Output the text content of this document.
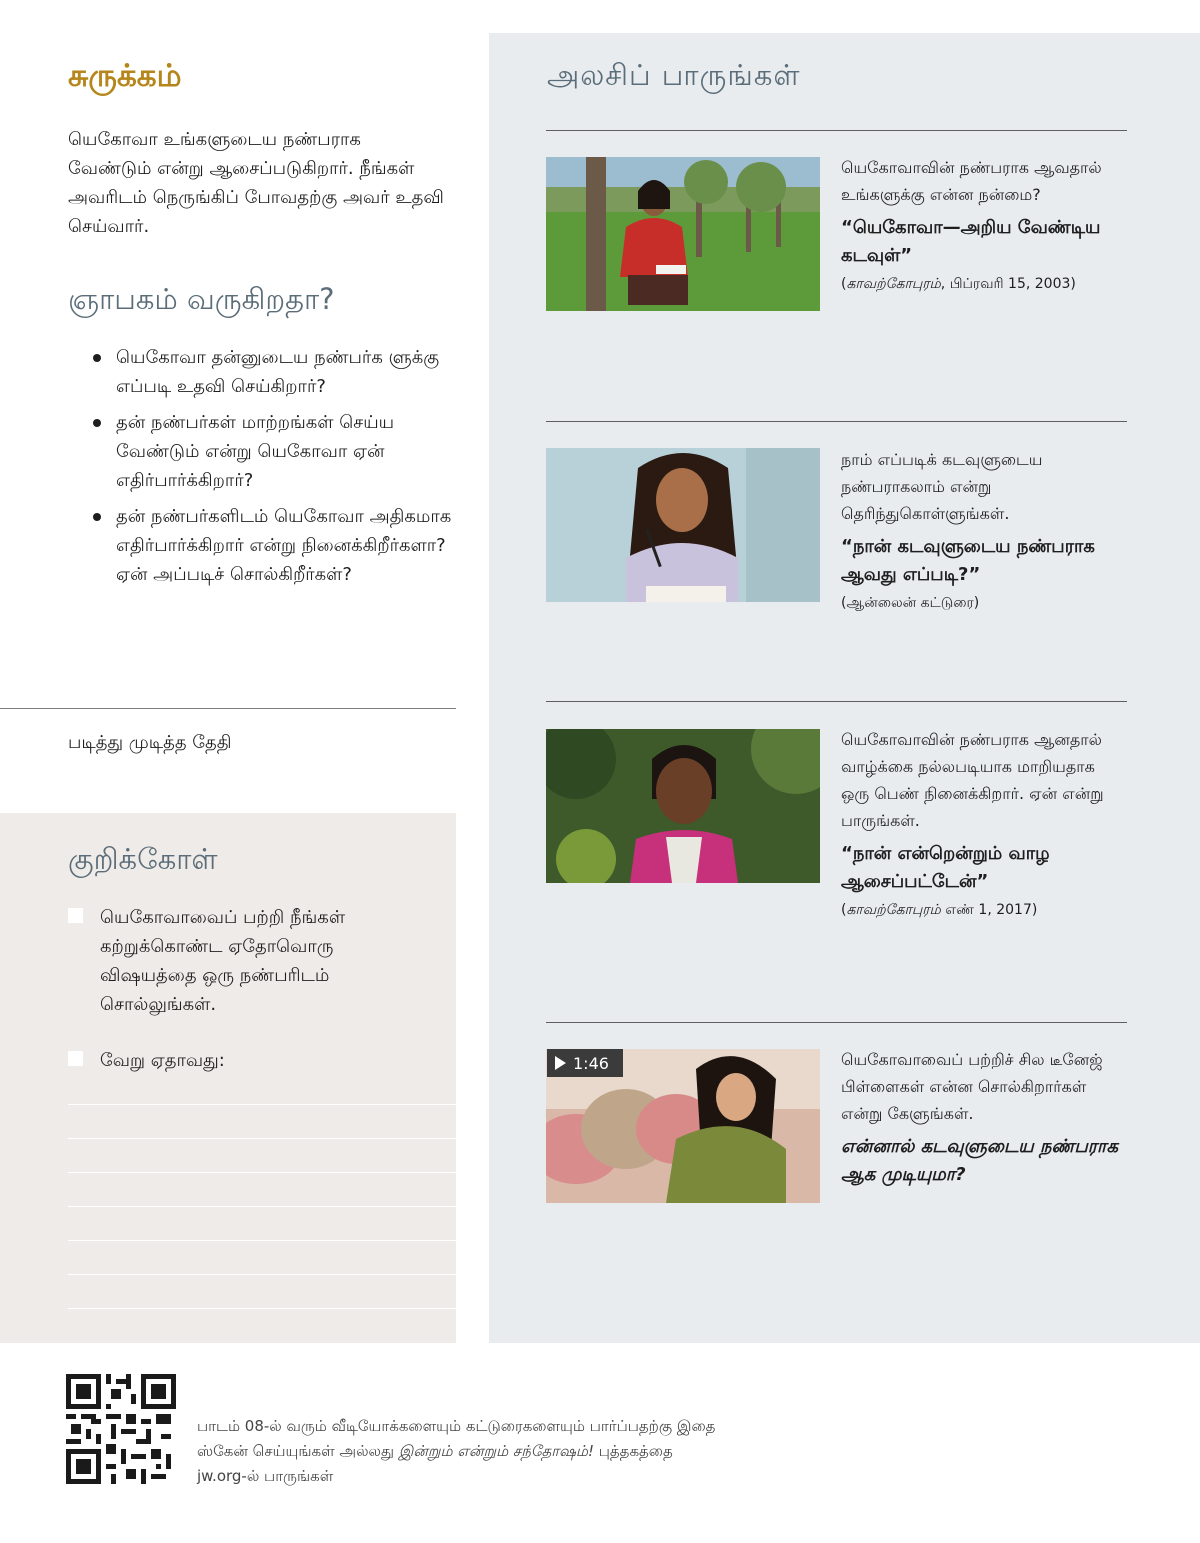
சுருக்கம்
யெகோவா உங்களுடைய நண்பராக வேண்டும் என்று ஆசைப்படுகிறார். நீங்கள் அவரிடம் நெருங்கிப் போவதற்கு அவர் உதவி செய்வார்.
ஞாபகம் வருகிறதா?
யெகோவா தன்னுடைய நண்பர்க ளுக்கு எப்படி உதவி செய்கிறார்?
தன் நண்பர்கள் மாற்றங்கள் செய்ய வேண்டும் என்று யெகோவா ஏன் எதிர்பார்க்கிறார்?
தன் நண்பர்களிடம் யெகோவா அதிகமாக எதிர்பார்க்கிறார் என்று நினைக்கிறீர்களா? ஏன் அப்படிச் சொல்கிறீர்கள்?
படித்து முடித்த தேதி
குறிக்கோள்
யெகோவாவைப் பற்றி நீங்கள் கற்றுக்கொண்ட ஏதோவொரு விஷயத்தை ஒரு நண்பரிடம் சொல்லுங்கள்.
வேறு ஏதாவது:
அலசிப் பாருங்கள்
யெகோவாவின் நண்பராக ஆவதால் உங்களுக்கு என்ன நன்மை?
“யெகோவா—அறிய வேண்டிய கடவுள்”
(காவற்கோபுரம், பிப்ரவரி 15, 2003)
நாம் எப்படிக் கடவுளுடைய நண்பராகலாம் என்று தெரிந்துகொள்ளுங்கள்.
“நான் கடவுளுடைய நண்பராக ஆவது எப்படி?”
(ஆன்லைன் கட்டுரை)
யெகோவாவின் நண்பராக ஆனதால் வாழ்க்கை நல்லபடியாக மாறியதாக ஒரு பெண் நினைக்கிறார். ஏன் என்று பாருங்கள்.
“நான் என்றென்றும் வாழ ஆசைப்பட்டேன்”
(காவற்கோபுரம் எண் 1, 2017)
1:46	யெகோவாவைப் பற்றிச் சில டீனேஜ் பிள்ளைகள் என்ன சொல்கிறார்கள் என்று கேளுங்கள்.
என்னால் கடவுளுடைய நண்பராக ஆக முடியுமா?
பாடம் 08-ல் வரும் வீடியோக்களையும் கட்டுரைகளையும் பார்ப்பதற்கு இதை ஸ்கேன் செய்யுங்கள் அல்லது இன்றும் என்றும் சந்தோஷம்! புத்தகத்தை jw.org-ல் பாருங்கள்
